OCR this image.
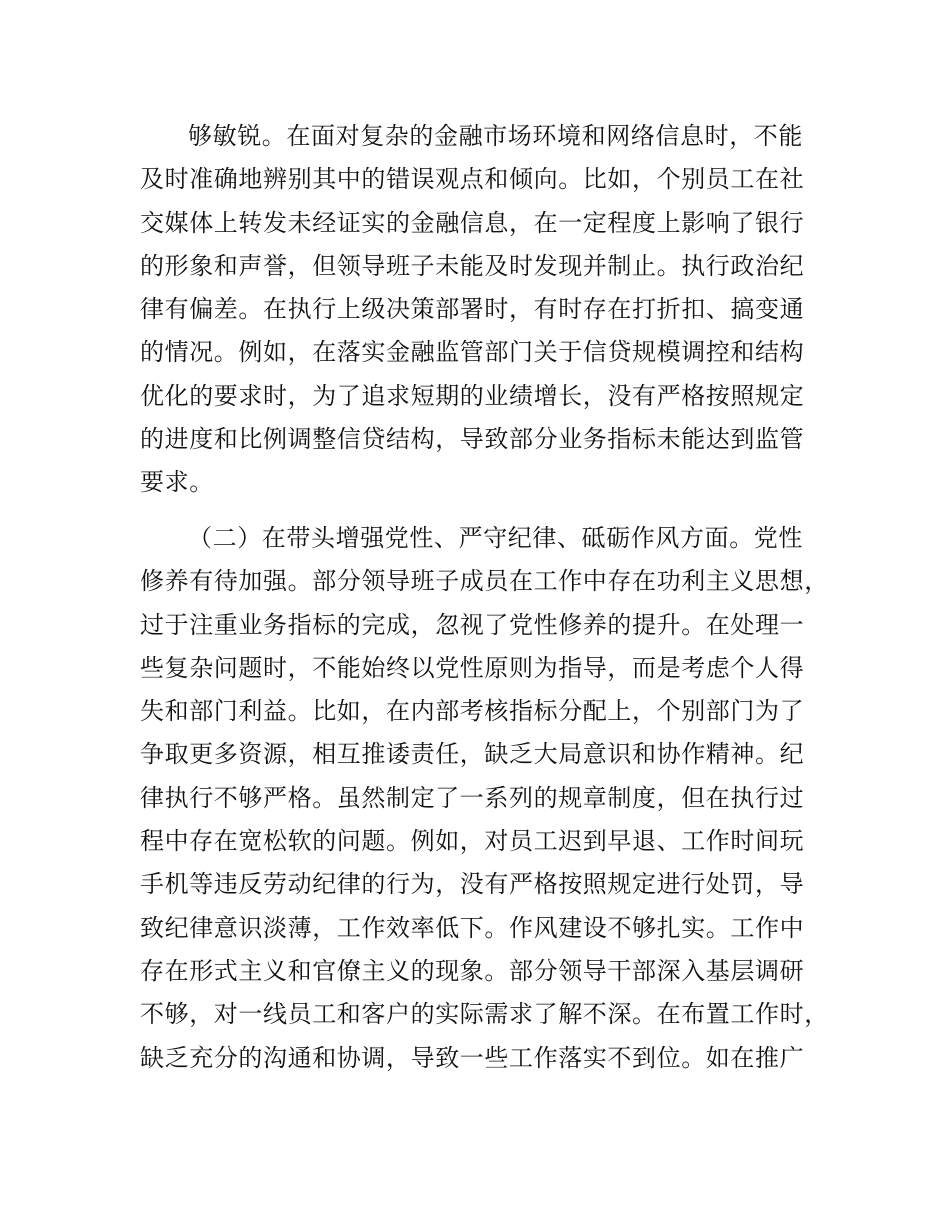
够敏锐。在面对复杂的金融市场环境和网络信息时，不能
及时准确地辨别其中的错误观点和倾向。比如，个别员工在社
交媒体上转发未经证实的金融信息，在一定程度上影响了银行
的形象和声誉，但领导班子未能及时发现并制止。执行政治纪
律有偏差。在执行上级决策部署时，有时存在打折扣、搞变通
的情况。例如，在落实金融监管部门关于信贷规模调控和结构
优化的要求时，为了追求短期的业绩增长，没有严格按照规定
的进度和比例调整信贷结构，导致部分业务指标未能达到监管
要求。
（二）在带头增强党性、严守纪律、砥砺作风方面。党性
修养有待加强。部分领导班子成员在工作中存在功利主义思想，
过于注重业务指标的完成，忽视了党性修养的提升。在处理一
些复杂问题时，不能始终以党性原则为指导，而是考虑个人得
失和部门利益。比如，在内部考核指标分配上，个别部门为了
争取更多资源，相互推诿责任，缺乏大局意识和协作精神。纪
律执行不够严格。虽然制定了一系列的规章制度，但在执行过
程中存在宽松软的问题。例如，对员工迟到早退、工作时间玩
手机等违反劳动纪律的行为，没有严格按照规定进行处罚，导
致纪律意识淡薄，工作效率低下。作风建设不够扎实。工作中
存在形式主义和官僚主义的现象。部分领导干部深入基层调研
不够，对一线员工和客户的实际需求了解不深。在布置工作时，
缺乏充分的沟通和协调，导致一些工作落实不到位。如在推广
